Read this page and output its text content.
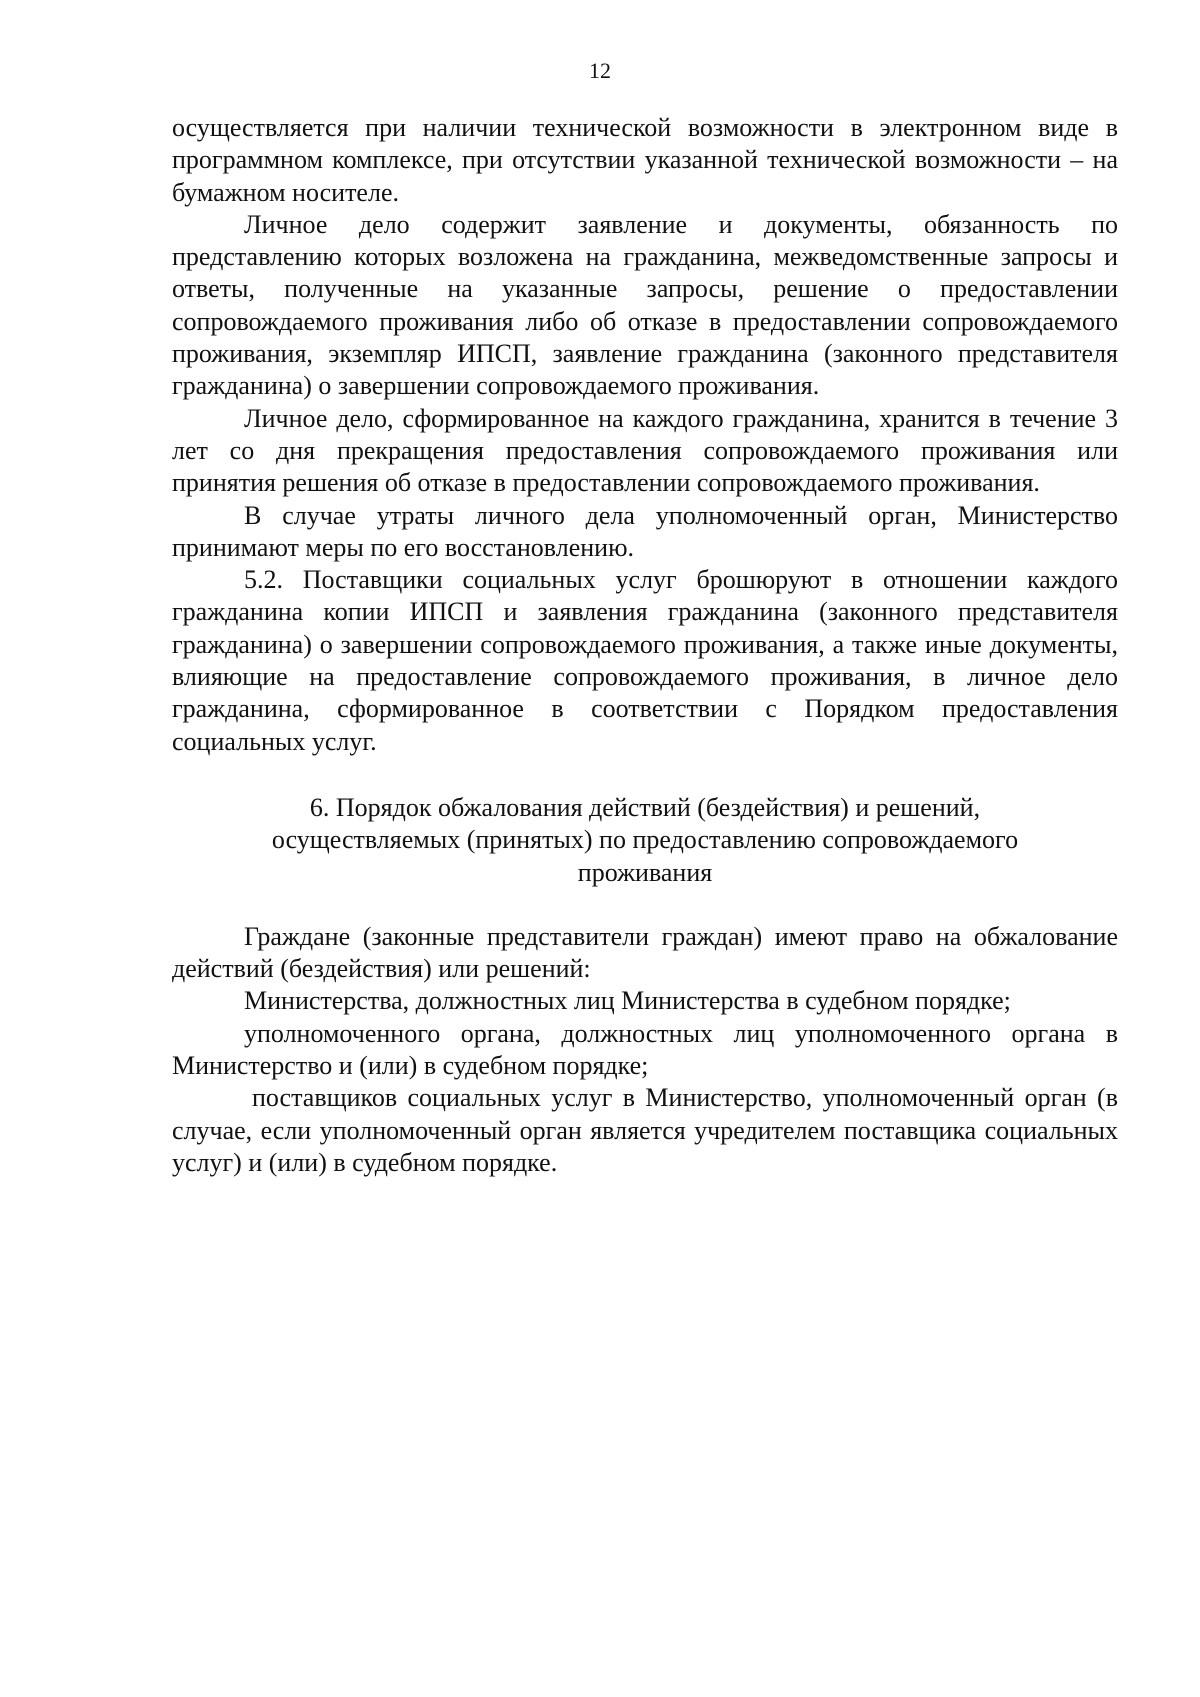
12

осуществляется при наличии технической возможности в электронном виде в программном комплексе, при отсутствии указанной технической возможности – на бумажном носителе.

Личное дело содержит заявление и документы, обязанность по представлению которых возложена на гражданина, межведомственные запросы и ответы, полученные на указанные запросы, решение о предоставлении сопровождаемого проживания либо об отказе в предоставлении сопровождаемого проживания, экземпляр ИПСП, заявление гражданина (законного представителя гражданина) о завершении сопровождаемого проживания.

Личное дело, сформированное на каждого гражданина, хранится в течение 3 лет со дня прекращения предоставления сопровождаемого проживания или принятия решения об отказе в предоставлении сопровождаемого проживания.

В случае утраты личного дела уполномоченный орган, Министерство принимают меры по его восстановлению.

5.2. Поставщики социальных услуг брошюруют в отношении каждого гражданина копии ИПСП и заявления гражданина (законного представителя гражданина) о завершении сопровождаемого проживания, а также иные документы, влияющие на предоставление сопровождаемого проживания, в личное дело гражданина, сформированное в соответствии с Порядком предоставления социальных услуг.

6. Порядок обжалования действий (бездействия) и решений, осуществляемых (принятых) по предоставлению сопровождаемого проживания

Граждане (законные представители граждан) имеют право на обжалование действий (бездействия) или решений:

Министерства, должностных лиц Министерства в судебном порядке;

уполномоченного органа, должностных лиц уполномоченного органа в Министерство и (или) в судебном порядке;

поставщиков социальных услуг в Министерство, уполномоченный орган (в случае, если уполномоченный орган является учредителем поставщика социальных услуг) и (или) в судебном порядке.
